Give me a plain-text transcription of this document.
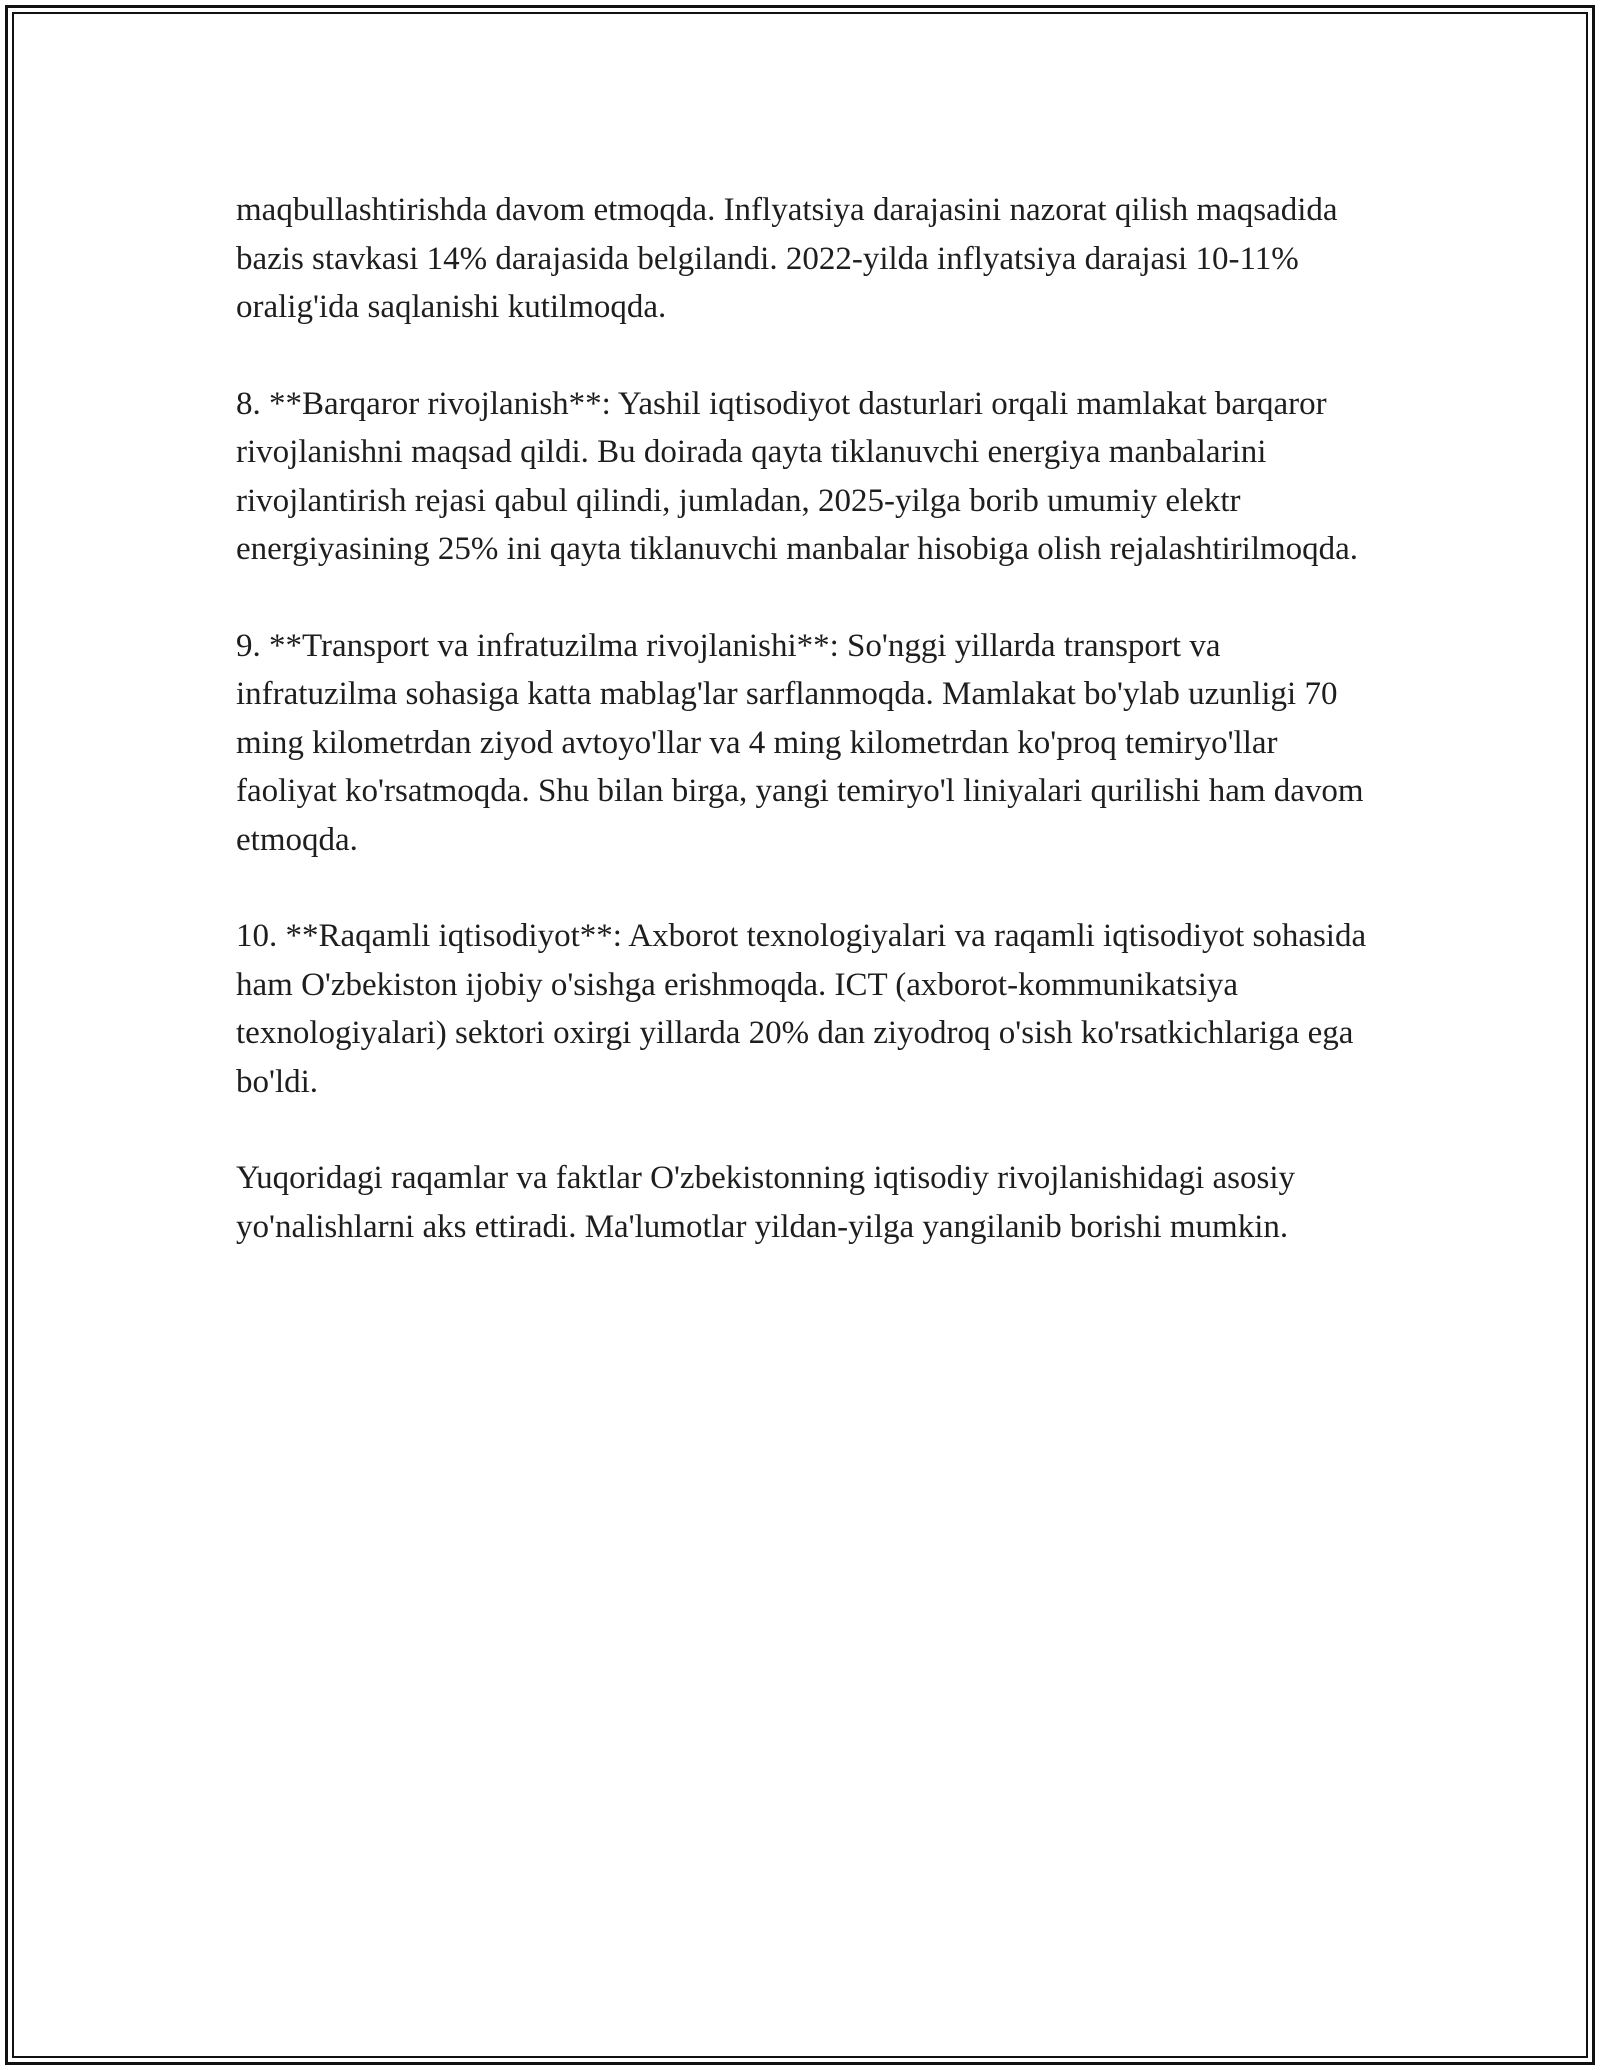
maqbullashtirishda davom etmoqda. Inflyatsiya darajasini nazorat qilish maqsadida bazis stavkasi 14% darajasida belgilandi. 2022-yilda inflyatsiya darajasi 10-11% oralig'ida saqlanishi kutilmoqda.

8. **Barqaror rivojlanish**: Yashil iqtisodiyot dasturlari orqali mamlakat barqaror rivojlanishni maqsad qildi. Bu doirada qayta tiklanuvchi energiya manbalarini rivojlantirish rejasi qabul qilindi, jumladan, 2025-yilga borib umumiy elektr energiyasining 25% ini qayta tiklanuvchi manbalar hisobiga olish rejalashtirilmoqda.

9. **Transport va infratuzilma rivojlanishi**: So'nggi yillarda transport va infratuzilma sohasiga katta mablag'lar sarflanmoqda. Mamlakat bo'ylab uzunligi 70 ming kilometrdan ziyod avtoyo'llar va 4 ming kilometrdan ko'proq temiryo'llar faoliyat ko'rsatmoqda. Shu bilan birga, yangi temiryo'l liniyalari qurilishi ham davom etmoqda.

10. **Raqamli iqtisodiyot**: Axborot texnologiyalari va raqamli iqtisodiyot sohasida ham O'zbekiston ijobiy o'sishga erishmoqda. ICT (axborot-kommunikatsiya texnologiyalari) sektori oxirgi yillarda 20% dan ziyodroq o'sish ko'rsatkichlariga ega bo'ldi.

Yuqoridagi raqamlar va faktlar O'zbekistonning iqtisodiy rivojlanishidagi asosiy yo'nalishlarni aks ettiradi. Ma'lumotlar yildan-yilga yangilanib borishi mumkin.
